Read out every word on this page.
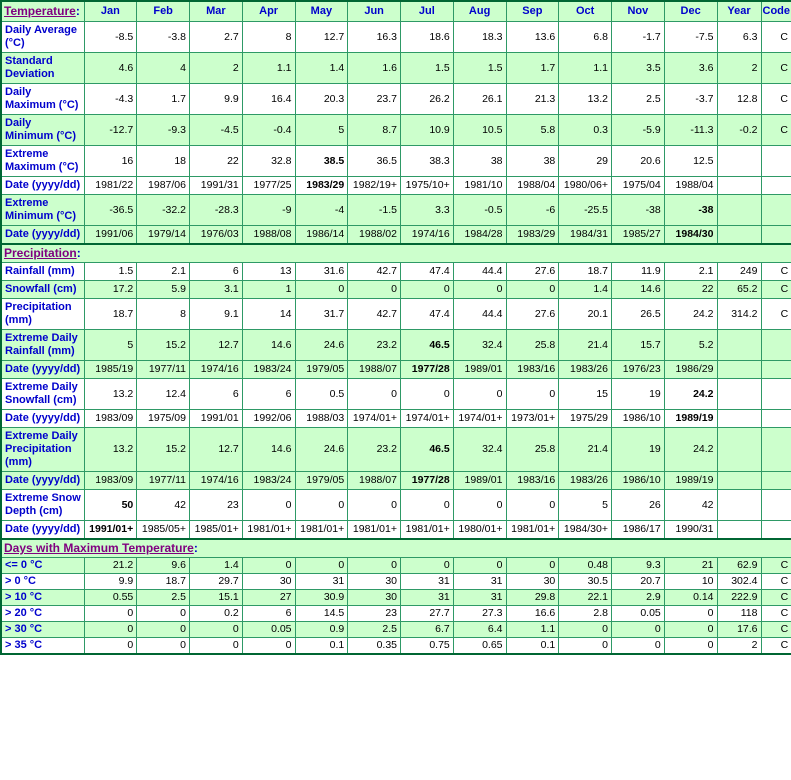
Temperature:	Jan	Feb	Mar	Apr	May	Jun	Jul	Aug	Sep	Oct	Nov	Dec	Year	Code
Daily Average (°C)	-8.5	-3.8	2.7	8	12.7	16.3	18.6	18.3	13.6	6.8	-1.7	-7.5	6.3	C
Standard Deviation	4.6	4	2	1.1	1.4	1.6	1.5	1.5	1.7	1.1	3.5	3.6	2	C
Daily Maximum (°C)	-4.3	1.7	9.9	16.4	20.3	23.7	26.2	26.1	21.3	13.2	2.5	-3.7	12.8	C
Daily Minimum (°C)	-12.7	-9.3	-4.5	-0.4	5	8.7	10.9	10.5	5.8	0.3	-5.9	-11.3	-0.2	C
Extreme Maximum (°C)	16	18	22	32.8	38.5	36.5	38.3	38	38	29	20.6	12.5		
Date (yyyy/dd)	1981/22	1987/06	1991/31	1977/25	1983/29	1982/19+	1975/10+	1981/10	1988/04	1980/06+	1975/04	1988/04		
Extreme Minimum (°C)	-36.5	-32.2	-28.3	-9	-4	-1.5	3.3	-0.5	-6	-25.5	-38	-38		
Date (yyyy/dd)	1991/06	1979/14	1976/03	1988/08	1986/14	1988/02	1974/16	1984/28	1983/29	1984/31	1985/27	1984/30		
Precipitation:														
Rainfall (mm)	1.5	2.1	6	13	31.6	42.7	47.4	44.4	27.6	18.7	11.9	2.1	249	C
Snowfall (cm)	17.2	5.9	3.1	1	0	0	0	0	0	1.4	14.6	22	65.2	C
Precipitation (mm)	18.7	8	9.1	14	31.7	42.7	47.4	44.4	27.6	20.1	26.5	24.2	314.2	C
Extreme Daily Rainfall (mm)	5	15.2	12.7	14.6	24.6	23.2	46.5	32.4	25.8	21.4	15.7	5.2		
Date (yyyy/dd)	1985/19	1977/11	1974/16	1983/24	1979/05	1988/07	1977/28	1989/01	1983/16	1983/26	1976/23	1986/29		
Extreme Daily Snowfall (cm)	13.2	12.4	6	6	0.5	0	0	0	0	15	19	24.2		
Date (yyyy/dd)	1983/09	1975/09	1991/01	1992/06	1988/03	1974/01+	1974/01+	1974/01+	1973/01+	1975/29	1986/10	1989/19		
Extreme Daily Precipitation (mm)	13.2	15.2	12.7	14.6	24.6	23.2	46.5	32.4	25.8	21.4	19	24.2		
Date (yyyy/dd)	1983/09	1977/11	1974/16	1983/24	1979/05	1988/07	1977/28	1989/01	1983/16	1983/26	1986/10	1989/19		
Extreme Snow Depth (cm)	50	42	23	0	0	0	0	0	0	5	26	42		
Date (yyyy/dd)	1991/01+	1985/05+	1985/01+	1981/01+	1981/01+	1981/01+	1981/01+	1980/01+	1981/01+	1984/30+	1986/17	1990/31		
Days with Maximum Temperature:														
<= 0 °C	21.2	9.6	1.4	0	0	0	0	0	0	0.48	9.3	21	62.9	C
> 0 °C	9.9	18.7	29.7	30	31	30	31	31	30	30.5	20.7	10	302.4	C
> 10 °C	0.55	2.5	15.1	27	30.9	30	31	31	29.8	22.1	2.9	0.14	222.9	C
> 20 °C	0	0	0.2	6	14.5	23	27.7	27.3	16.6	2.8	0.05	0	118	C
> 30 °C	0	0	0	0.05	0.9	2.5	6.7	6.4	1.1	0	0	0	17.6	C
> 35 °C	0	0	0	0	0.1	0.35	0.75	0.65	0.1	0	0	0	2	C
